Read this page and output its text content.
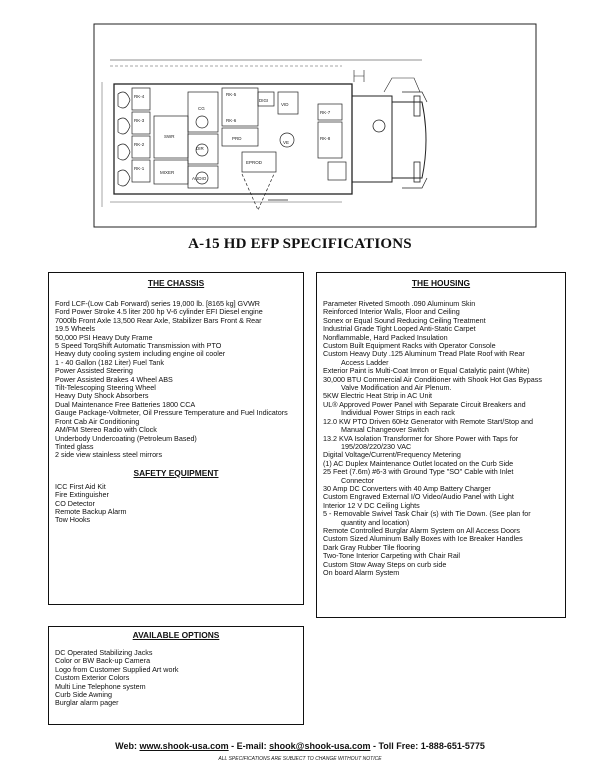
RK-4
RK-3
RK-2
RK-1
SWR
MIXER
CG
DIR
PRD
AUDIO
RK-5
RK-6
DIGI
VID
VE
EPROD
RK-7
RK-8
A-15 HD EFP SPECIFICATIONS
THE CHASSIS
Ford LCF-(Low Cab Forward) series 19,000 lb. [8165 kg] GVWR
Ford Power Stroke 4.5 liter 200 hp V-6 cylinder EFI Diesel engine
7000lb Front Axle 13,500 Rear Axle, Stabilizer Bars Front & Rear
19.5 Wheels
50,000 PSI Heavy Duty Frame
5 Speed TorqShift Automatic Transmission with PTO
Heavy duty cooling system including engine oil cooler
1 - 40 Gallon (182 Liter) Fuel Tank
Power Assisted Steering
Power Assisted Brakes 4 Wheel ABS
Tilt-Telescoping Steering Wheel
Heavy Duty Shock Absorbers
Dual Maintenance Free Batteries 1800 CCA
Gauge Package-Voltmeter, Oil Pressure Temperature and Fuel Indicators
Front Cab Air Conditioning
AM/FM Stereo Radio with Clock
Underbody Undercoating (Petroleum Based)
Tinted glass
2 side view stainless steel mirrors
SAFETY EQUIPMENT
ICC First Aid Kit
Fire Extinguisher
CO Detector
Remote Backup Alarm
Tow Hooks
THE HOUSING
Parameter Riveted Smooth .090 Aluminum Skin
Reinforced Interior Walls, Floor and Ceiling
Sonex or Equal Sound Reducing Ceiling Treatment
Industrial Grade Tight Looped Anti-Static Carpet
Nonflammable, Hard Packed Insulation
Custom Built Equipment Racks with Operator Console
Custom Heavy Duty .125 Aluminum Tread Plate Roof with Rear
Access Ladder
Exterior Paint is Multi-Coat Imron or Equal Catalytic paint (White)
30,000 BTU Commercial Air Conditioner with Shook Hot Gas Bypass
Valve Modification and Air Plenum.
5KW Electric Heat Strip in AC Unit
UL® Approved Power Panel with Separate Circuit Breakers and
Individual Power Strips in each rack
12.0 KW PTO Driven 60Hz Generator with Remote Start/Stop and
Manual Changeover Switch
13.2 KVA Isolation Transformer for Shore Power with Taps for
195/208/220/230 VAC
Digital Voltage/Current/Frequency Metering
(1) AC Duplex Maintenance Outlet located on the Curb Side
25 Feet (7.6m) #6-3 with Ground Type "SO" Cable with Inlet
Connector
30 Amp DC Converters with 40 Amp Battery Charger
Custom Engraved External I/O Video/Audio Panel with Light
Interior 12 V DC Ceiling Lights
5 - Removable Swivel Task Chair (s) with Tie Down. (See plan for
quantity and location)
Remote Controlled Burglar Alarm System on All Access Doors
Custom Sized Aluminum Bally Boxes with Ice Breaker Handles
Dark Gray Rubber Tile flooring
Two-Tone Interior Carpeting with Chair Rail
Custom Stow Away Steps on curb side
On board Alarm System
AVAILABLE OPTIONS
DC Operated Stabilizing Jacks
Color or BW Back-up Camera
Logo from Customer Supplied Art work
Custom Exterior Colors
Multi Line Telephone system
Curb Side Awning
Burglar alarm pager
Web: www.shook-usa.com - E-mail: shook@shook-usa.com - Toll Free: 1-888-651-5775
ALL SPECIFICATIONS ARE SUBJECT TO CHANGE WITHOUT NOTICE
